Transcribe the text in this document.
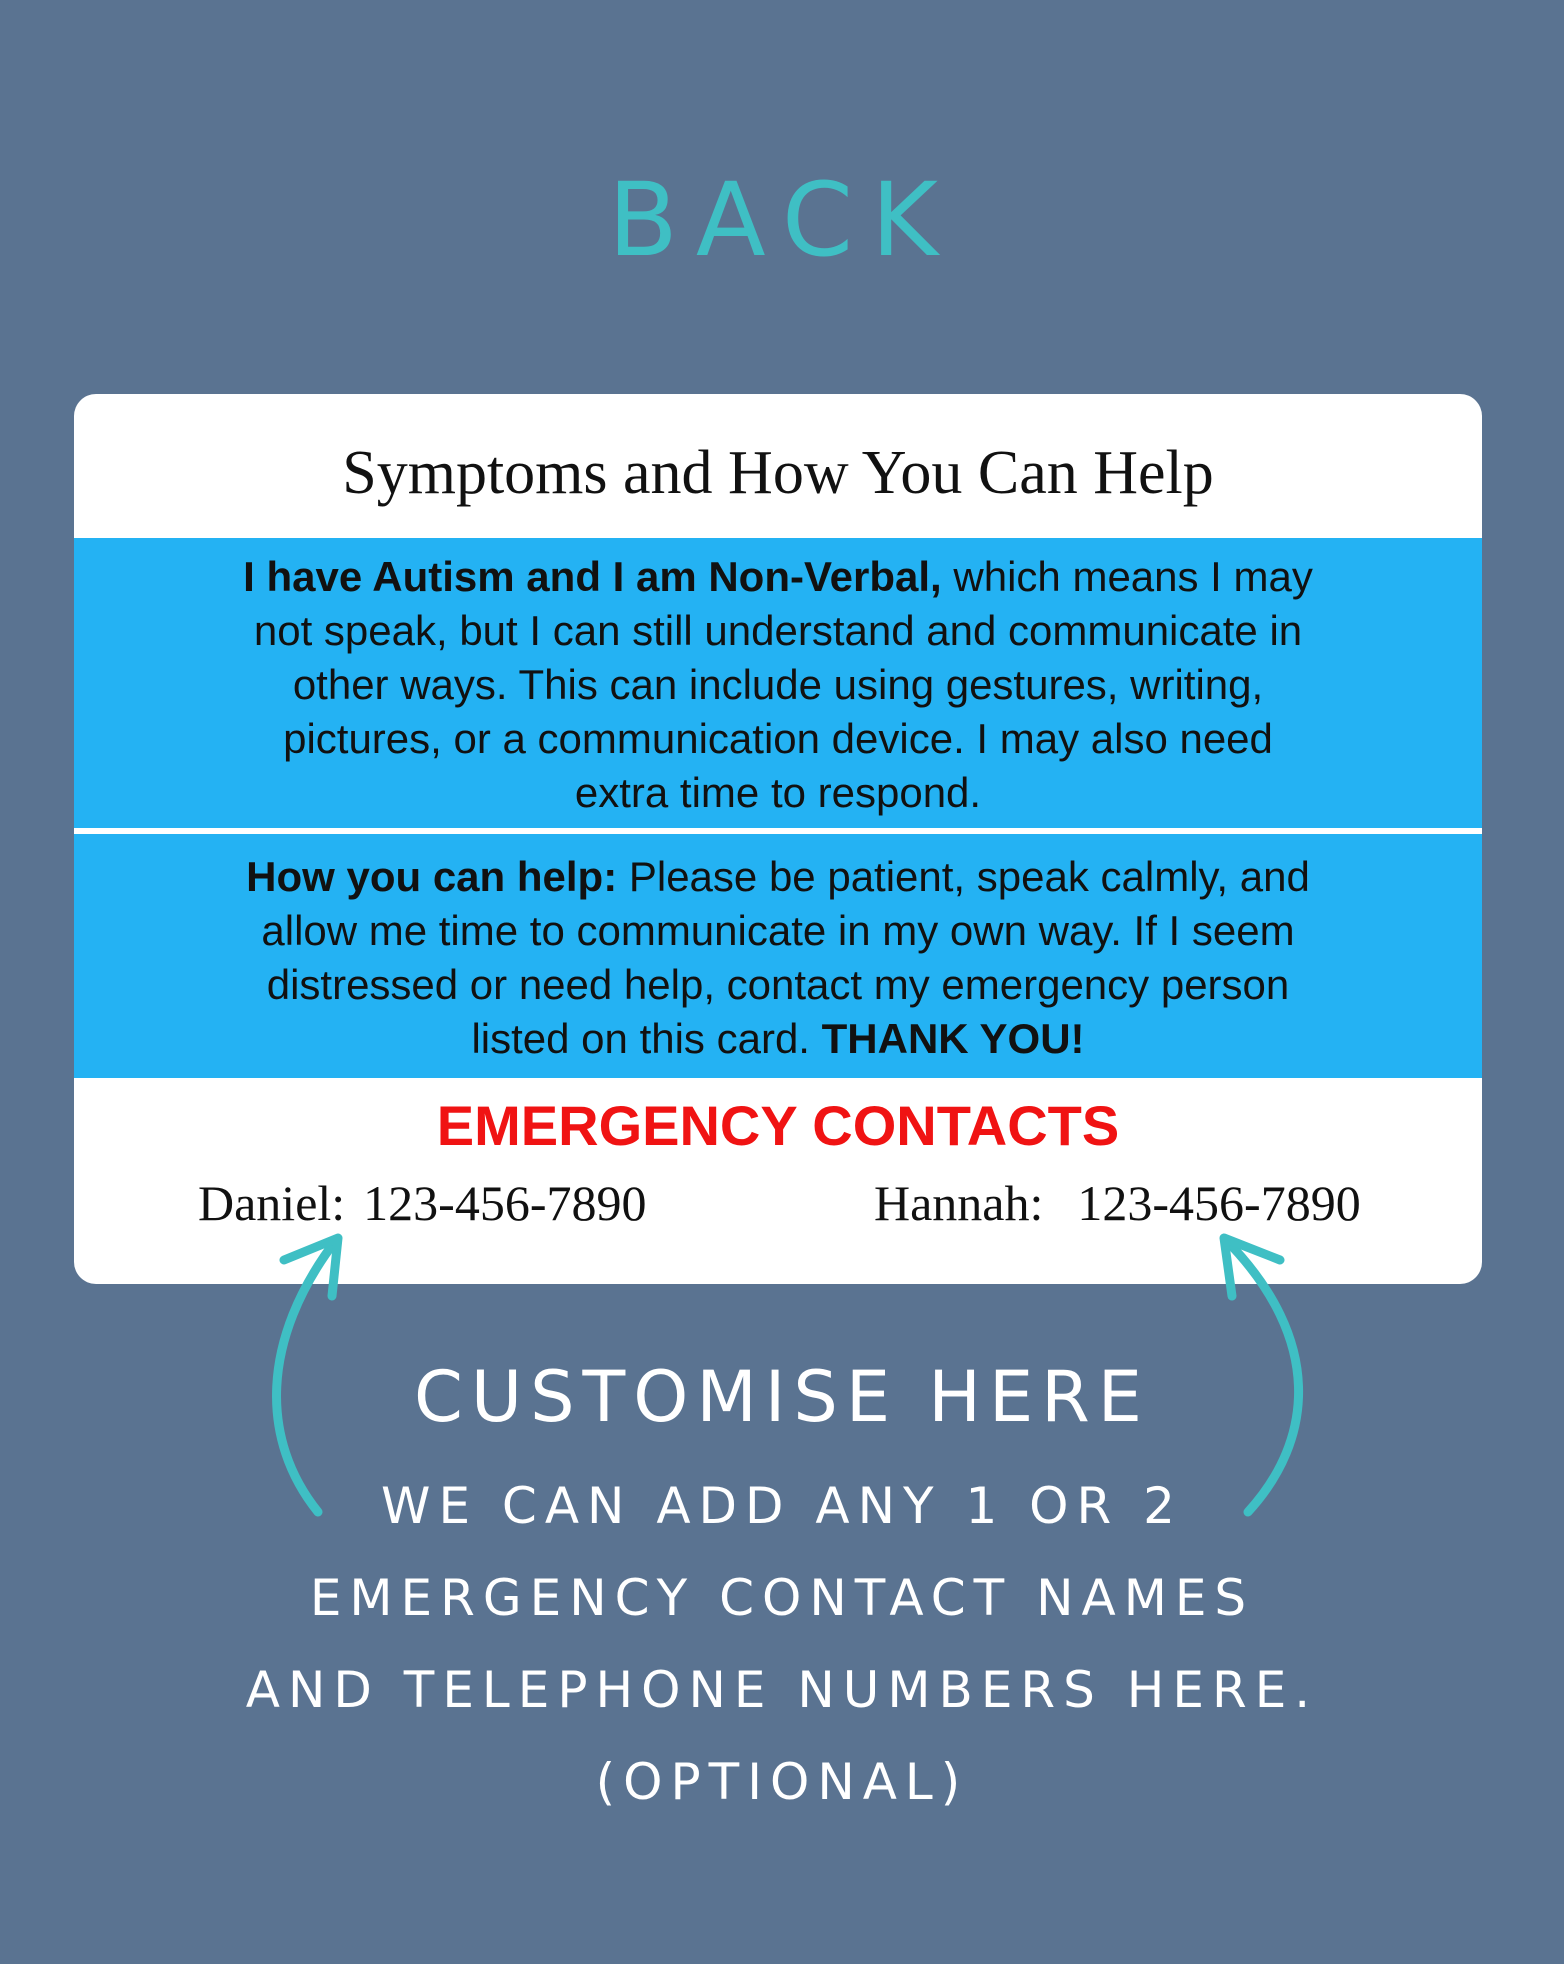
BACK
Symptoms and How You Can Help
I have Autism and I am Non-Verbal, which means I may
not speak, but I can still understand and communicate in
other ways. This can include using gestures, writing,
pictures, or a communication device. I may also need
extra time to respond.
How you can help: Please be patient, speak calmly, and
allow me time to communicate in my own way. If I seem
distressed or need help, contact my emergency person
listed on this card. THANK YOU!
EMERGENCY CONTACTS
Daniel: 123-456-7890	Hannah: 123-456-7890
CUSTOMISE HERE
WE CAN ADD ANY 1 OR 2
EMERGENCY CONTACT NAMES
AND TELEPHONE NUMBERS HERE.
(OPTIONAL)
